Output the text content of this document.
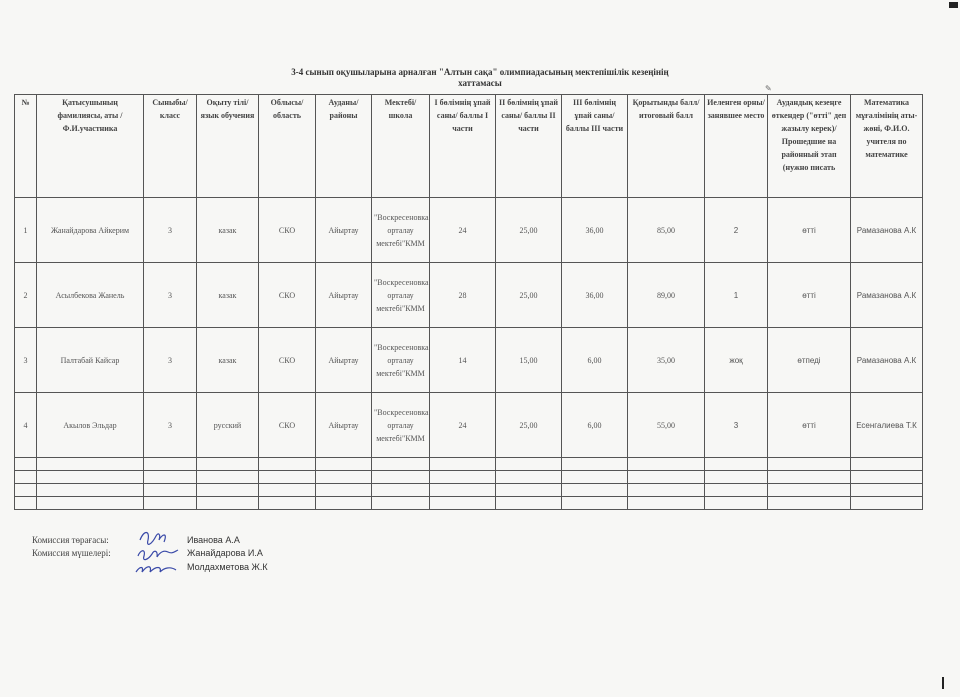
✎
3-4 сынып оқушыларына арналған "Алтын сақа" олимпиадасының мектепішілік кезеңінің
хаттамасы
№	Қатысушының фамилиясы, аты /Ф.И.участника	Сыныбы/класс	Оқыту тілі/ язык обучения	Облысы/ область	Ауданы/ районы	Мектебі/ школа	І бөлімнің ұпай саны/ баллы І части	ІІ бөлімнің ұпай саны/ баллы ІІ части	ІІІ бөлімнің ұпай саны/ баллы ІІІ части	Қорытынды балл/ итоговый балл	Иеленген орны/ занявшее место	Аудандық кезеңге өткендер ("өтті" деп жазылу керек)/ Прошедшие на районный этап (нужно писать	Математика мұғалімінің аты-жөні, Ф.И.О. учителя по математике
1	Жанайдарова Айкерим	3	казак	СКО	Айыртау	"Воскресеновка орталау мектебі"КММ	24	25,00	36,00	85,00	2	өтті	Рамазанова А.К
2	Асылбекова Жанель	3	казак	СКО	Айыртау	"Воскресеновка орталау мектебі"КММ	28	25,00	36,00	89,00	1	өтті	Рамазанова А.К
3	Палтабай Кайсар	3	казак	СКО	Айыртау	"Воскресеновка орталау мектебі"КММ	14	15,00	6,00	35,00	жоқ	өтпеді	Рамазанова А.К
4	Акылов Эльдар	3	русский	СКО	Айыртау	"Воскресеновка орталау мектебі"КММ	24	25,00	6,00	55,00	3	өтті	Есенгалиева Т.К

Комиссия төрағасы:	Иванова А.А
Комиссия мүшелері:	Жанайдарова И.А
Молдахметова Ж.К
